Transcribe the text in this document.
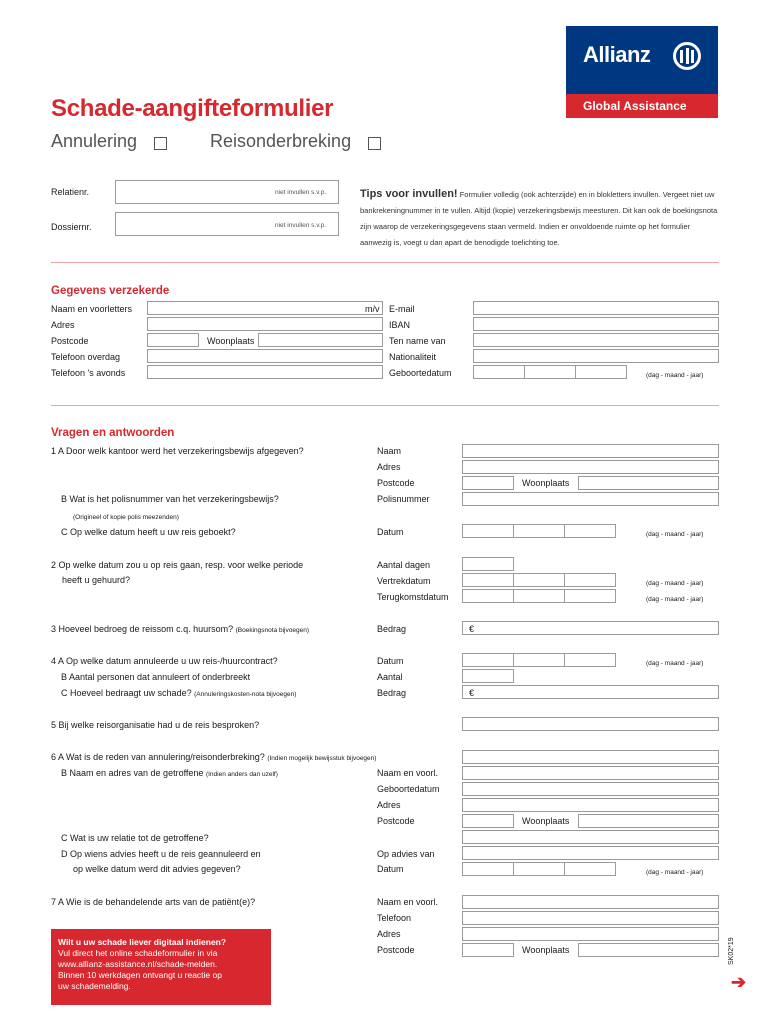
Allianz
Global Assistance
Schade-aangifteformulier
Annulering	Reisonderbreking
Relatienr.	niet invullen s.v.p.
Dossiernr.	niet invullen s.v.p.
Tips voor invullen! Formulier volledig (ook achterzijde) en in blokletters invullen. Vergeet niet uw bankrekeningnummer in te vullen. Altijd (kopie) verzekeringsbewijs meesturen. Dit kan ook de boekingsnota zijn waarop de verzekeringsgegevens staan vermeld. Indien er onvoldoende ruimte op het formulier aanwezig is, voegt u dan apart de benodigde toelichting toe.
Gegevens verzekerde
Naam en voorletters	m/v
Adres
Postcode	Woonplaats
Telefoon overdag
Telefoon 's avonds
E-mail
IBAN
Ten name van
Nationaliteit
Geboortedatum	(dag - maand - jaar)
Vragen en antwoorden
1 A Door welk kantoor werd het verzekeringsbewijs afgegeven?	Naam
Adres
Postcode	Woonplaats
B Wat is het polisnummer van het verzekeringsbewijs?	Polisnummer
(Origineel of kopie polis meezenden)
C Op welke datum heeft u uw reis geboekt?	Datum	(dag - maand - jaar)
2 Op welke datum zou u op reis gaan, resp. voor welke periode
heeft u gehuurd?
Aantal dagen
Vertrekdatum	(dag - maand - jaar)
Terugkomstdatum	(dag - maand - jaar)
3 Hoeveel bedroeg de reissom c.q. huursom? (Boekingsnota bijvoegen)	Bedrag	€
4 A Op welke datum annuleerde u uw reis-/huurcontract?	Datum	(dag - maand - jaar)
B Aantal personen dat annuleert of onderbreekt	Aantal
C Hoeveel bedraagt uw schade? (Annuleringskosten-nota bijvoegen)	Bedrag	€
5 Bij welke reisorganisatie had u de reis besproken?
6 A Wat is de reden van annulering/reisonderbreking? (Indien mogelijk bewijsstuk bijvoegen)
B Naam en adres van de getroffene (Indien anders dan uzelf)	Naam en voorl.
Geboortedatum
Adres
Postcode	Woonplaats
C Wat is uw relatie tot de getroffene?
D Op wiens advies heeft u de reis geannuleerd en
op welke datum werd dit advies gegeven?
Op advies van
Datum	(dag - maand - jaar)
7 A Wie is de behandelende arts van de patiënt(e)?	Naam en voorl.
Telefoon
Adres
Postcode	Woonplaats
Wilt u uw schade liever digitaal indienen?
Vul direct het online schadeformulier in via
www.allianz-assistance.nl/schade-melden.
Binnen 10 werkdagen ontvangt u reactie op
uw schademelding.
SK02*19
➔
